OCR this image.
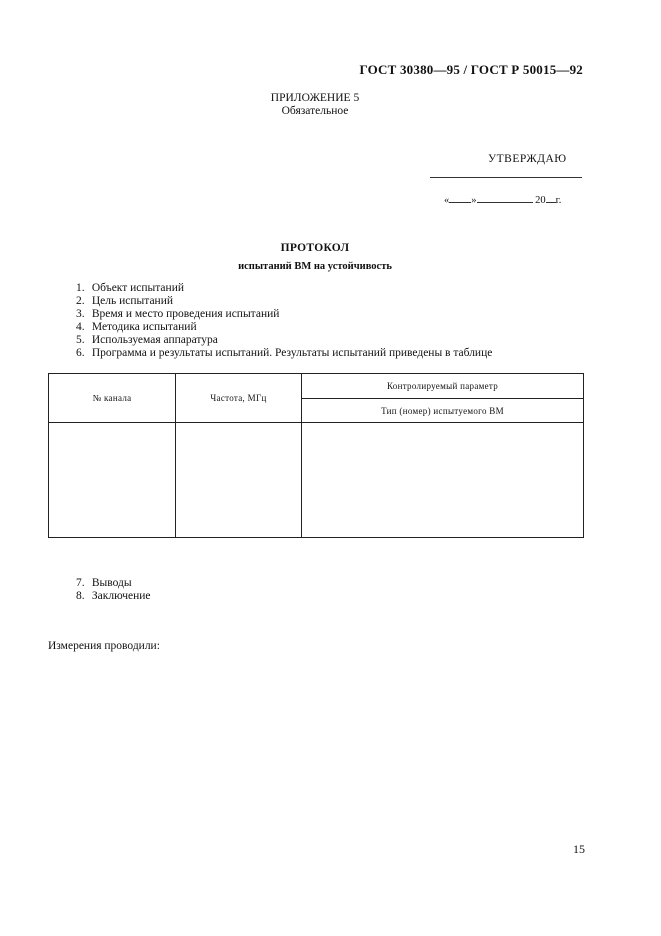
ГОСТ 30380—95 / ГОСТ Р 50015—92
ПРИЛОЖЕНИЕ 5
Обязательное
УТВЕРЖДАЮ
« »	20 г.
ПРОТОКОЛ
испытаний ВМ на устойчивость
1. Объект испытаний
2. Цель испытаний
3. Время и место проведения испытаний
4. Методика испытаний
5. Используемая аппаратура
6. Программа и результаты испытаний. Результаты испытаний приведены в таблице
№ канала	Частота, МГц	Контролируемый параметр
		Тип (номер) испытуемого ВМ

7. Выводы
8. Заключение
Измерения проводили:
15
